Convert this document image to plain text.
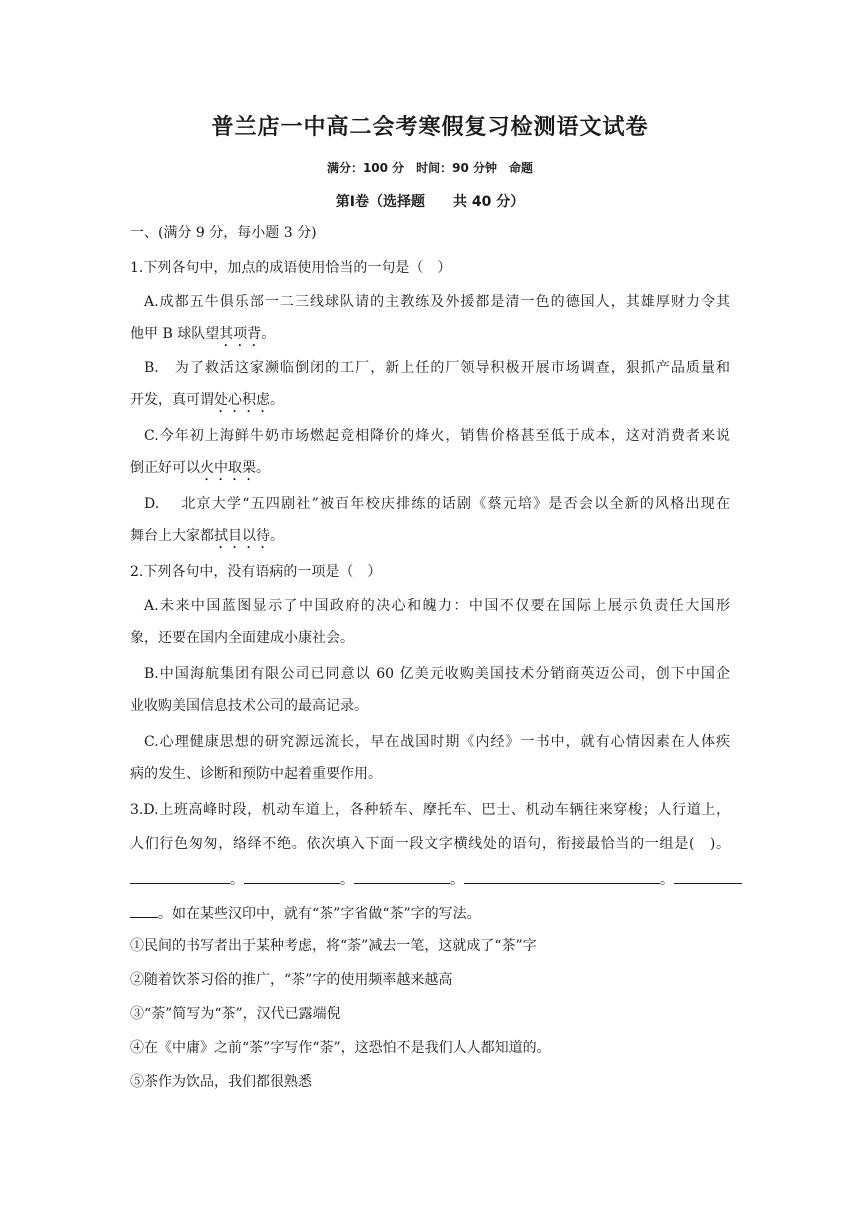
普兰店一中高二会考寒假复习检测语文试卷
满分：100 分　时间：90 分钟　命题
第Ⅰ卷（选择题　　共 40 分）
一、(满分 9 分，每小题 3 分)
1.下列各句中，加点的成语使用恰当的一句是（　）
A.成都五牛俱乐部一二三线球队请的主教练及外援都是清一色的德国人，其雄厚财力令其
他甲 B 球队望其项背。
B.　为了救活这家濒临倒闭的工厂，新上任的厂领导积极开展市场调查，狠抓产品质量和
开发，真可谓处心积虑。
C.今年初上海鲜牛奶市场燃起竞相降价的烽火，销售价格甚至低于成本，这对消费者来说
倒正好可以火中取栗。
D.　 北京大学“五四剧社”被百年校庆排练的话剧《蔡元培》是否会以全新的风格出现在
舞台上大家都拭目以待。
2.下列各句中，没有语病的一项是（　）
A.未来中国蓝图显示了中国政府的决心和魄力：中国不仅要在国际上展示负责任大国形
象，还要在国内全面建成小康社会。
B.中国海航集团有限公司已同意以 60 亿美元收购美国技术分销商英迈公司，创下中国企
业收购美国信息技术公司的最高记录。
C.心理健康思想的研究源远流长，早在战国时期《内经》一书中，就有心情因素在人体疾
病的发生、诊断和预防中起着重要作用。
3.D.上班高峰时段，机动车道上，各种轿车、摩托车、巴士、机动车辆往来穿梭；人行道上，
人们行色匆匆，络绎不绝。依次填入下面一段文字横线处的语句，衔接最恰当的一组是(　)。
。	。	。	。
。如在某些汉印中，就有“茶”字省做“茶”字的写法。
①民间的书写者出于某种考虑，将“荼”减去一笔，这就成了“茶”字
②随着饮茶习俗的推广，“茶”字的使用频率越来越高
③“荼”简写为“茶”，汉代已露端倪
④在《中庸》之前“茶”字写作“荼”，这恐怕不是我们人人都知道的。
⑤茶作为饮品，我们都很熟悉
